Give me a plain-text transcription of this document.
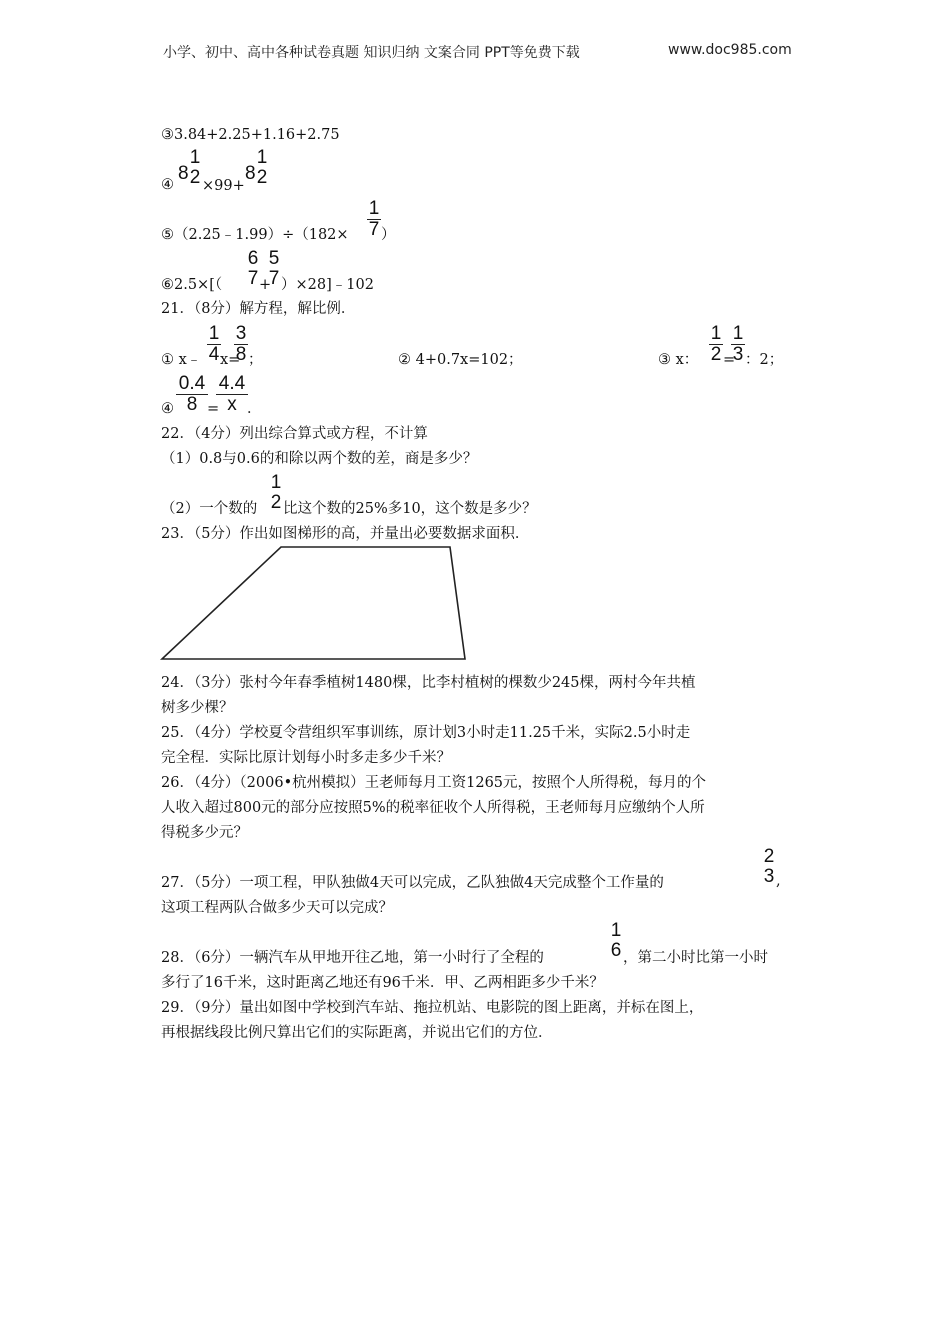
小学、初中、高中各种试卷真题 知识归纳 文案合同 PPT等免费下载	www.doc985.com
③3.84+2.25+1.16+2.75
④
8
1
2 ×99+
8
1
2
⑤（2.25﹣1.99）÷（182×
1
7 ）
⑥2.5×[（
6
7 +
5
7 ）×28]﹣102
21．（8分）解方程，解比例．
① x﹣
1
4 x=
3
8 ；	② 4+0.7x=102；	③ x：
1
2 =
1
3 ：2；
④
0.4
8 =
4.4
x ．
22．（4分）列出综合算式或方程，不计算
（1）0.8与0.6的和除以两个数的差，商是多少？
（2）一个数的
1
2 比这个数的25%多10，这个数是多少？
23．（5分）作出如图梯形的高，并量出必要数据求面积．
24．（3分）张村今年春季植树1480棵，比李村植树的棵数少245棵，两村今年共植
树多少棵？
25．（4分）学校夏令营组织军事训练，原计划3小时走11.25千米，实际2.5小时走
完全程．实际比原计划每小时多走多少千米？
26．（4分）（2006•杭州模拟）王老师每月工资1265元，按照个人所得税，每月的个
人收入超过800元的部分应按照5%的税率征收个人所得税，王老师每月应缴纳个人所
得税多少元？
27．（5分）一项工程，甲队独做4天可以完成，乙队独做4天完成整个工作量的
2
3 ,
这项工程两队合做多少天可以完成？
28．（6分）一辆汽车从甲地开往乙地，第一小时行了全程的
1
6 ，第二小时比第一小时
多行了16千米，这时距离乙地还有96千米．甲、乙两相距多少千米？
29．（9分）量出如图中学校到汽车站、拖拉机站、电影院的图上距离，并标在图上，
再根据线段比例尺算出它们的实际距离，并说出它们的方位．
